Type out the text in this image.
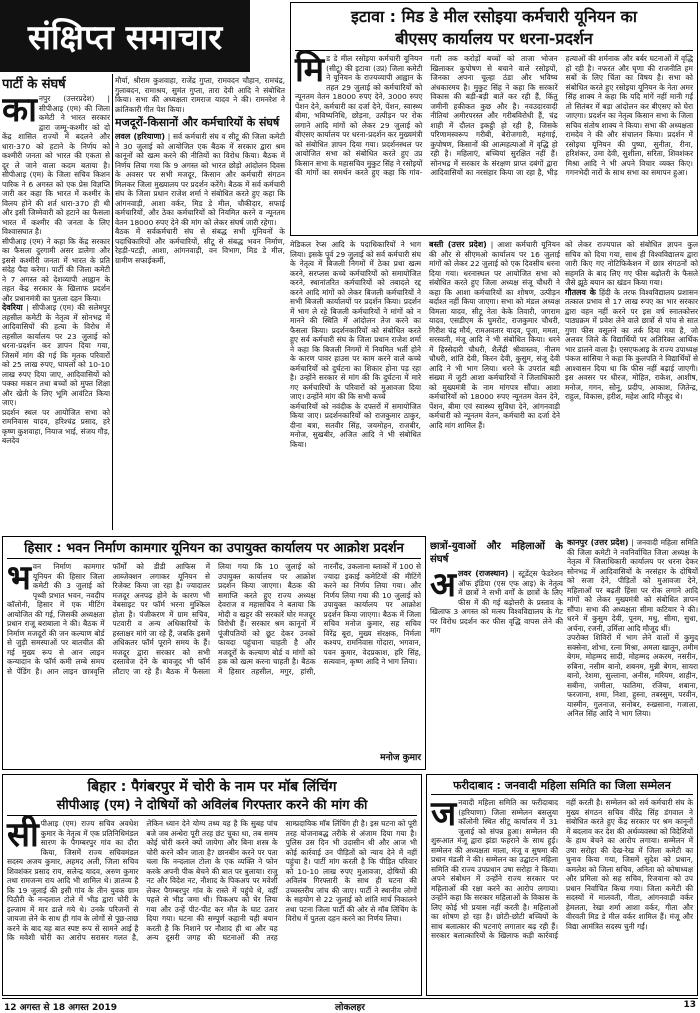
संक्षिप्त समाचार
पार्टी के संघर्ष
का नपुर (उत्तरप्रदेश) | सीपीआइ (एम) की जिला कमेटी ने भारत सरकार द्वारा जम्मू-कश्मीर को दो केंद्र शासित राज्यों में बदलने और धारा-370 को हटाने के निर्णय को कश्मीरी जनता को भारत की एकता से दूर ले जाने वाला कदम बताया है। सीपीआइ (एम) के जिला सचिव किशन पारिक ने 6 अगस्त को एक प्रेस विज्ञप्ति जारी कर कहा कि भारत में कश्मीर के विलय होने की शर्त धारा-370 ही थी और इसी जिम्मेवारी को हटाने का फैसला भारत में कश्मीर की जनता के लिए विश्वासघात है।

सीपीआइ (एम) ने कहा कि केंद्र सरकार का फैसला दुरगामी असर डालेगा और इससे कश्मीरी जनता में भारत के प्रति संदेह पैदा करेगा। पार्टी की जिला कमेटी ने 7 अगस्त को देशव्यापी आह्वान के तहत केंद्र सरकार के खिलाफ प्रदर्शन और प्रधानमंत्री का पुतला दहन किया।

देवरिया | सीपीआइ (एम) की सलेमपुर तहसील कमेटी के नेतृत्व में सोनभद्र में आदिवासियों की हत्या के विरोध में तहसील कार्यालय पर 23 जुलाई को धरना-प्रदर्शन कर ज्ञापन दिया गया, जिसमें मांग की गई कि मृतक परिवारों को 25 लाख रुपए, घायलों को 10-10 लाख रुपए दिया जाए, आदिवासियों को पक्का मकान तथा बच्चों को मुफ्त शिक्षा और खेती के लिए भूमि आवंटित किया जाए।

प्रदर्शन स्थल पर आयोजित सभा को रामनिवास यादव, हरिश्चंद्र प्रसाद, हरे कृष्ण कुशवाहा, नियाज भाई, संजय गौड़, बलदेव

मौर्या, श्रीराम कुशवाहा, राजेंद्र गुप्ता, रामवदन चौहान, रामचंद्र, गुलाबदन, रामाश्रय, सुमंत गुप्ता, तारा देवी आदि ने संबोधित किया। सभा की अध्यक्षता रामराज यादव ने की। रामनरेश ने क्रांतिकारी गीत पेश किया।

मजदूरों-किसानों और कर्मचारियों के संघर्ष

लवल (हरियाणा) | सर्व कर्मचारी संघ व सीटू की जिला कमेटी ने 30 जुलाई को आयोजित एक बैठक में सरकार द्वारा श्रम कानूनों को खत्म करने की नीतियों का विरोध किया। बैठक में निर्णय लिया गया कि 9 अगस्त को भारत छोड़ो आंदोलन दिवस के अवसर पर सभी मजदूर, किसान और कर्मचारी संगठन मिलकर जिला मुख्यालय पर प्रदर्शन करेंगे। बैठक में सर्व कर्मचारी संघ के जिला प्रधान राजेश शर्मा ने संबोधित करते हुए कहा कि आंगनवाड़ी, आशा वर्कर, मिड डे मील, चौकीदार, सफाई कर्मचारियों, और ठेका कर्मचारियों को नियमित करने व न्यूनतम वेतन 18000 रुपए देने की मांग को लेकर संघर्ष जारी रहेगा।

बैठक में सर्वकर्मचारी संघ से संबद्ध सभी यूनियनों के पदाधिकारियों और कर्मचारियों, सीटू से संबद्ध भवन निर्माण, रेहड़ी-पटड़ी, आशा, आंगनवाड़ी, वन विभाग, मिड डे मील, ग्रामीण सफाईकर्मी,

इटावा : मिड डे मील रसोइया कर्मचारी यूनियन का
बीएसए कार्यालय पर धरना-प्रदर्शन
मिड डे मील रसोइया कर्मचारी यूनियन (सीटू) की इटावा (उप्र) जिला कमेटी ने यूनियन के राज्यव्यापी आह्वान के तहत 29 जुलाई को कर्मचारियों को न्यूनतम वेतन 18000 रुपए देने, 3000 रुपए पेंशन देने, कर्मचारी का दर्जा देने, पेंशन, स्वास्थ्य बीमा, भविष्यनिधि, छोड़ना, उत्पीड़न पर रोक लगाने आदि मांगों को लेकर 29 जुलाई को बीएसए कार्यालय पर धरना-प्रदर्शन कर मुख्यमंत्री को संबोधित ज्ञापन दिया गया। प्रदर्शनस्थल पर आयोजित सभा को संबोधित करते हुए उप्र किसान सभा के महासचिव मुकुट सिंह ने रसोइयों की मांगों का समर्थन करते हुए कहा कि गांव-गली तक करोड़ों बच्चों को ताजा भोजन खिलाकर कुपोषण से बचाने वाले रसोइयों, जिनका अपना चूल्हा ठंडा और भविष्य अंधकारमय है। मुकुट सिंह ने कहा कि सरकारें विकास की बड़ी-बड़ी बातें कर रही हैं, किंतु जमीनी हकीकत कुछ और है। नवउदारवादी नीतियां अमीरपरस्त और गरीबविरोधी हैं, चंद्र शाही में दौलत इकट्ठी हो रही है, जिसके परिणामस्वरूप गरीबी, बेरोजगारी, महंगाई, कुपोषण, किसानों की आत्महत्याओं में वृद्धि हो रही है। महिलाएं, बच्चियां सुरक्षित नहीं हैं। सोनभद्र में सरकार के संरक्षण प्राप्त दबंगों द्वारा आदिवासियों का नरसंहार किया जा रहा है, भीड़ हत्याओं की शर्मनाक और बर्बर घटनाओं में वृद्धि हो रही है। नफरत और घृणा की राजनीति हम सबों के लिए चिंता का विषय है। सभा को संबोधित करते हुए रसोइया यूनियन के नेता अमर सिंह शाक्य ने कहा कि यदि मांगें नहीं मानी गईं तो सितंबर में बड़ा आंदोलन कर बीएसए को घेरा जाएगा। प्रदर्शन का नेतृत्व किसान सभा के जिला सचिव संतोष शाक्य ने किया। सभा की अध्यक्षता रामदेव ने की और संचालन किया। प्रदर्शन में रसोइया यूनियन की पुष्पा, सुनीता, रीना, हरिशंकर, उमा देवी, सुशीला, सरिता, शिवशंकर मिश्रा आदि ने भी अपने विचार व्यक्त किए। गगनभेदी नारों के साथ सभा का समापन हुआ।

मेडिकल रेप्स आदि के पदाधिकारियों ने भाग लिया। इसके पूर्व 29 जुलाई को सर्व कर्मचारी संघ के नेतृत्व में बिजली निगमों में ठेका प्रथा खत्म करने, सरप्लस कच्चे कर्मचारियों को समायोजित करने, स्थानांतरित कर्मचारियों को तबादले रद्द करने आदि मांगों को लेकर बिजली कर्मचारियों ने सभी बिजली कार्यालयों पर प्रदर्शन किया। प्रदर्शन में भाग ले रहे बिजली कर्मचारियों ने मांगों को न मानने की स्थिति में आंदोलन तेज करने का फैसला किया। प्रदर्शनकारियों को संबोधित करते हुए सर्व कर्मचारी संघ के जिला प्रधान राजेश शर्मा ने कहा कि बिजली निगमों में नियमित भर्ती होने के कारण पावर हाउस पर काम करने वाले कच्चे कर्मचारियों को दुर्घटना का शिकार होना पड़ रहा है। उन्होंने सरकार से मांग की कि दुर्घटना में मारे गए कर्मचारियों के परिवारों को मुआवजा दिया जाए। उन्होंने मांग की कि सभी कच्चे

कर्मचारियों को नवंदीक के दफ्तरों में समायोजित किया जाए। प्रदर्शनकारियों को राजकुमार ठाकुर, दीना बत्रा, सतवीर सिंह, जयमोहन, राजबीर, मनोज, सुखबीर, अजित आदि ने भी संबोधित किया।

बस्ती (उत्तर प्रदेश) | आशा कर्मचारी यूनियन की और से सीएमओ कार्यालय पर 16 जुलाई मांगों को लेकर 22 जुलाई को एक दिवसीय धरना दिया गया। धरनास्थल पर आयोजित सभा को संबोधित करते हुए जिला अध्यक्ष संजू चौधरी ने कहा कि आशा कर्मचारियों का शोषण, उत्पीड़न बर्दाश्त नहीं किया जाएगा। सभा को मंडल अध्यक्ष विमला यादव, सीटू नेता केके तिवारी, जगराम यादव, एसडीएम के घुमरोट, राजकुमार चौधरी, गिरीश चंद्र मौर्य, रामअवतार यादव, पूजा, ममता, सरस्वती, मंजू आदि ने भी संबोधित किया। धरने में हिस्सेदारी चौधरी, शैलेंद्री श्रीवास्तव, नीलम चौधरी, शांति देवी, किरन देवी, कुसुम, संजू देवी आदि ने भी भाग लिया। धरने के उपरांत बड़ी संख्या में जुटी आशा कर्मचारियों ने जिलाधिकारी को मुख्यमंत्री के नाम मांगपत्र सौंपा। आशा कर्मचारियों को 18000 रुपए न्यूनतम वेतन देने, पेंशन, बीमा एवं स्वास्थ्य सुविधा देने, आंगनवाड़ी कर्मचारी को न्यूनतम वेतन, कर्मचारी का दर्जा देने आदि मांग शामिल हैं।

को लेकर राज्यपाल को संबोधित ज्ञापन कुल सचिव को दिया गया, साथ ही विश्वविद्यालय द्वारा जारी किए गए नोटिफिकेशन में छात्र संगठनों को सहमति के बाद लिए गए फीस बढ़ोतरी के फैसले जैसे झूठे बयान का खंडन किया गया।

गौतलव के हिंदी के तरफ विश्वविद्यालय प्रशासन तत्काल प्रभाव से 17 लाख रुपए का भार सरकार द्वारा वहन नहीं करने पर इस वर्ष स्नातकोत्तर पाठ्यक्रम में प्रवेश लेने वाले छात्रों से पांच से सात गुणा फीस वसूलने का तर्क दिया गया है, जो अलवर जिले के विद्यार्थियों पर अतिरिक्त आर्थिक भार डालने वाला है। एसएफआइ के राज्य उपाध्यक्ष पंकज सांसिया ने कहा कि कुलपति ने विद्यार्थियों से आश्वासन दिया था कि फीस नहीं बढ़ाई जाएगी। इस अवसर पर धीरज, मोहित, राकेश, आशीष, मनोज, गगन, सोनू, प्रदीप, आकाश, जितेन्द्र, राहुल, विकास, हरीश, महेश आदि मौजूद थे।

हिसार : भवन निर्माण कामगार यूनियन का उपायुक्त कार्यालय पर आक्रोश प्रदर्शन
भवन निर्माण कामगार यूनियन की हिसार जिला कमेटी की 3 जुलाई को पृथ्वी प्रभात भवन, नवदीप कॉलोनी, हिसार में एक मीटिंग आयोजित की गई, जिसकी अध्यक्षता प्रधान राजू बराबाला ने की। बैठक में निर्माण मजदूरों की जन कल्याण बोर्ड से जुड़ी समस्याओं पर बातचीत की गई मुख्य रूप से आन लाइन कन्यादान के फॉर्म कमी लम्बे समय से पेंडिंग है। आन लाइन छात्रवृत्ति फॉर्मों को डीडी आफिस में आब्जेक्शन लगाकर यूनियन से रिजेक्ट किया जा रहा है। ज्यादातर मजदूर अनपढ़ होने के कारण भी वेबसाइट पर फॉर्म भरना मुश्किल होता है। पंजीकरण में ग्राम सचिव, पटवारी व अन्य अधिकारियों के हस्ताक्षर मांगे जा रहे हैं, जबकि इसमें अधिकतर फॉर्म पूराने समय के हैं। मजदूर द्वारा सरकार को सभी दस्तावेज देने के बावजूद भी फॉर्म लौटाए जा रहे हैं। बैठक में फैसला लिया गया कि 10 जुलाई को उपायुक्त कार्यालय पर आक्रोश प्रदर्शन किया जाएगा। बैठक की समाप्ति करते हुए राज्य अध्यक्ष देवराज व महासचिव ने बताया कि मोदी व खट्टर की सरकारें घोर मजदूर विरोधी हैं। सरकार श्रम कानूनों में पूंजीपतियों को छूट देकर उनको फायदा पहुंचाना चाहती है और मजदूरों के कल्याण बोर्ड व मांगों को हक को खत्म करना चाहती है। बैठक में हिसार तहसील, मगुर, हांसी, नारनौंद, उकलाना ब्लाकों में 100 से ज्यादा इकाई कमेटियों की मीटिंगें करने का निर्णय लिया गया। और निर्णय लिया गया की 10 जुलाई को उपायुक्त कार्यालय पर आक्रोश प्रदर्शन किया जाएगा। बैठक में जिला सचिव मनोज कुमार, सह सचिव विरेंद्र बूरा, मुख्य संरक्षक, निर्मला कश्यप, रामनिवास गोदारा, भगवान, पवन कुमार, वेदप्रकाश, हरि सिंह, सत्यवान, कृष्ण आदि ने भाग लिया।
मनोज कुमार
छात्रों-युवाओं और महिलाओं के संघर्ष
अ लवर (राजस्थान) | स्टूडेंट्स फेडरेशन ऑफ इंडिया (एस एफ आइ) के नेतृत्व में छात्रों ने सभी वर्गों के छात्रों के लिए फीस में की गई बढ़ोत्तरी के प्रस्ताव के खिलाफ 3 अगस्त को मत्स्य विश्वविद्यालय के गेट पर विरोध प्रदर्शन कर फीस वृद्धि वापस लेने की मांग

कानपुर (उत्तर प्रदेश) | जनवादी महिला समिति की जिला कमेटी ने नवनिर्वाचित जिला अध्यक्ष के नेतृत्व में जिलाधिकारी कार्यालय पर धरना देकर सोनभद्र में आदिवासियों के नरसंहार के दोषियों को सजा देने, पीड़ितों को मुआवजा देने, महिलाओं पर बढ़ती हिंसा पर रोक लगाने आदि मांगों को लेकर मुख्यमंत्री को संबोधित ज्ञापन सौंपा। सभा की अध्यक्षता सीमा कटियार ने की। धरने में कुसुम देवी, पूनम, मधु, सीमा, सुधा, अर्चना, रजनी, उर्मिला आदि मौजूद थीं।

उपरोक्त शिविरों में भाग लेने वालों में कुमुद सक्सेना, शोभा, रत्ना मिश्रा, अमला खातून, तमीम बेगम, मोहम्मद सादी, मोहम्मद अकरम, नसरीन, रुबिना, नसीम बानो, शबनम, मुन्नी बेगम, सायरा बानो, रेशमा, सुल्ताना, अनीस, मरियम, शाहीन, सबीना, जमीला, फातिमा, रजिया, शबाना, फरजाना, शमा, निशा, हुस्ना, तबस्सुम, परवीन, यास्मीन, गुलनाज, सनोबर, रुखसाना, गजाला, अनिल सिंह आदि ने भाग लिया।

बिहार : पैगंबरपुर में चोरी के नाम पर मॉब लिंचिंग
सीपीआइ (एम) ने दोषियों को अविलंब गिरफ्तार करने की मांग की
सीपीआइ (एम) राज्य सचिव अवधेश कुमार के नेतृत्व में एक प्रतिनिधिमंडल सारण के पैगम्बरपुर गांव का दौरा किया, जिसमें राज्य सचिवमंडल सदस्य अजय कुमार, अहमद अली, जिला सचिव शिवशंकर प्रसाद राय, सलेन्द्र यादव, अरुण कुमार तथा रामजन्म राय आदि भी शामिल थे। ज्ञातव्य है कि 19 जुलाई की इसी गांव के तीन युवक ग्राम पिठौरी के नन्दलाल टोले में भीड़ द्वारा चोरी के इल्जाम में मार डाले गये थे। उनके परिजनों से जायजा लेने के साथ ही गांव के लोगों से पूछ-ताछ करने के बाद यह बात स्पष्ट रूप से सामने आई है कि मवेशी चोरी का आरोप सरासर गलत है, लेकिन ध्यान देने योग्य तथ्य यह है कि सुबह पांच बजे जब अन्धेरा पूरी तरह छंट चुका था, तब समय कोई चोरी करने क्यों जायेगा और बिना शस्त्र के चोरी करने कौन जाता है? छानबीन करने पर पता चला कि नन्दलाल टोला के एक व्यक्ति ने फोन करके अपनी पीक बेचने की बात पर बुलाया। राजु नट और विदेश नट, नौशाद के पिकअप पर मवेशी लेकर पैगम्बरपुर गांव के रास्ते में पहुंचे थे, वहीं पहले से भीड़ जमा थी। पिकअप को घेर लिया गया और उन्हें पीट-पीट कर मौत के घाट उतार दिया गया। घटना की सम्पूर्ण कहानी यही बयान करती है कि निशाने पर नौशाद ही था और यह अन्य दूसरी जगह की घटनाओं की तरह साम्प्रदायिक मॉब लिंचिंग ही है। इस घटना को पूरी तरह योजनाबद्ध तरीके से अंजाम दिया गया है। पुलिस उस दिन भी उदासीन थी और आज भी कोई कार्रवाई उन पीड़ितों को न्याय देने में नहीं पहुंचा है। पार्टी मांग करती है कि पीड़ित परिवार को 10-10 लाख रुपए मुआवजा, दोषियों की अविलंब गिरफ्तारी के साथ ही घटना की उच्चस्तरीय जांच की जाए। पार्टी ने स्थानीय लोगों के सहयोग से 22 जुलाई को शांति मार्च निकालने तथा पटना जिला पार्टी की ओर से मॉब लिंचिंग के विरोध में पुतला दहन करने का निर्णय लिया।
फरीदाबाद : जनवादी महिला समिति का जिला सम्मेलन
जनवादी महिला समिति का फरीदाबाद (हरियाणा) जिला सम्मेलन बसलुया कॉलोनी स्थित सीटू कार्यालय में 31 जुलाई को संपन्न हुआ। सम्मेलन की शुरूआत मंजू द्वारा झंडा फहराने के साथ हुई। सम्मेलन की अध्यक्षता माला, मंजू व सुषमा की प्रधान मंडली ने की। सम्मेलन का उद्घाटन महिला समिति की राज्य उपप्रधान उषा सरोहा ने किया। अपने संबोधन में उन्होंने राज्य सरकार पर महिलाओं की रक्षा करने का आरोप लगाया। उन्होंने कहा कि सरकार महिलाओं के विकास के लिए कोई भी प्रयास नहीं करती है। महिलाओं का शोषण हो रहा है। छोटी-छोटी बच्चियों के साथ बलात्कार की घटनाएं लगातार बढ़ रही हैं। सरकार बलात्कारियों के खिलाफ कड़ी कार्रवाई नहीं करती है। सम्मेलन को सर्व कर्मचारी संघ के मुख्य संगठन सचिव वीरेंद्र सिंह डंगवाल ने संबोधित करते हुए केंद्र सरकार पर श्रम कानूनों में बदलाव कर देश की अर्थव्यवस्था को विदेशियों के हाथ बेचने का आरोप लगाया। सम्मेलन में उषा सरोहा की देख-रेख में जिला कमेटी का चुनाव किया गया, जिसमें सुदेश को प्रधान, कमलेश को जिला सचिव, अनिता को कोषाध्यक्ष और प्रमिला को सह सचिव, रिजवाना को उप प्रधान निर्वाचित किया गया। जिला कमेटी की सदस्यों में मालवती, गीता, आंगनवाड़ी वर्कर हेमलता, रेखा शर्मा आशा वर्कर, गीता और वीरवती मिड डे मील वर्कर शामिल हैं। मंजू और विद्या आमंत्रित सदस्य चुनी गईं।
12 अगस्त से 18 अगस्त 2019	लोकलहर	13
